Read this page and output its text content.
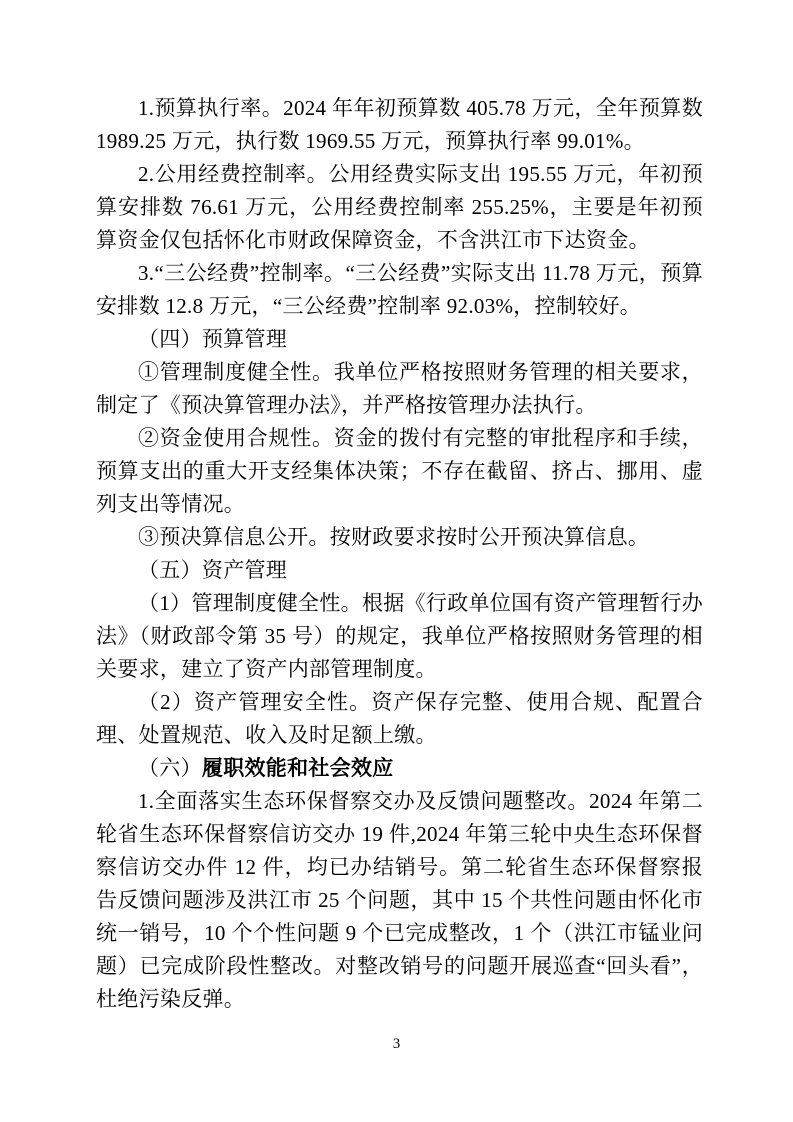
1.预算执行率。2024 年年初预算数 405.78 万元，全年预算数 1989.25 万元，执行数 1969.55 万元，预算执行率 99.01%。

2.公用经费控制率。公用经费实际支出 195.55 万元，年初预算安排数 76.61 万元，公用经费控制率 255.25%，主要是年初预算资金仅包括怀化市财政保障资金，不含洪江市下达资金。

3.“三公经费”控制率。“三公经费”实际支出 11.78 万元，预算安排数 12.8 万元，“三公经费”控制率 92.03%，控制较好。

（四）预算管理

①管理制度健全性。我单位严格按照财务管理的相关要求，制定了《预决算管理办法》，并严格按管理办法执行。

②资金使用合规性。资金的拨付有完整的审批程序和手续，预算支出的重大开支经集体决策；不存在截留、挤占、挪用、虚列支出等情况。

③预决算信息公开。按财政要求按时公开预决算信息。

（五）资产管理

（1）管理制度健全性。根据《行政单位国有资产管理暂行办法》（财政部令第 35 号）的规定，我单位严格按照财务管理的相关要求，建立了资产内部管理制度。

（2）资产管理安全性。资产保存完整、使用合规、配置合理、处置规范、收入及时足额上缴。

（六）履职效能和社会效应

1.全面落实生态环保督察交办及反馈问题整改。2024 年第二轮省生态环保督察信访交办 19 件,2024 年第三轮中央生态环保督察信访交办件 12 件，均已办结销号。第二轮省生态环保督察报告反馈问题涉及洪江市 25 个问题，其中 15 个共性问题由怀化市统一销号，10 个个性问题 9 个已完成整改，1 个（洪江市锰业问题）已完成阶段性整改。对整改销号的问题开展巡查“回头看”，杜绝污染反弹。

3
